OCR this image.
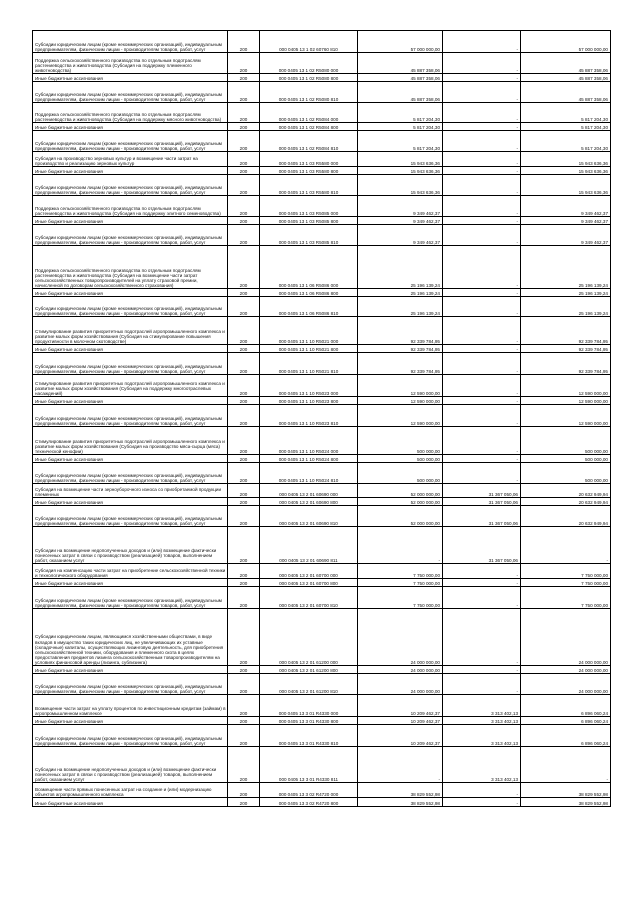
Субсидии юридическим лицам (кроме некоммерческих организаций), индивидуальным предпринимателям, физическим лицам - производителям товаров, работ, услуг	200	000 0405 13 1 02 60760 810	57 000 000,00	-	57 000 000,00
Поддержка сельскохозяйственного производства по отдельным подотраслям растениеводства и животноводства (Субсидия на поддержку племенного животноводства)	200	000 0405 13 1 02 R5080 000	45 887 358,06	-	45 887 358,06
Иные бюджетные ассигнования	200	000 0405 13 1 02 R5080 800	45 887 358,06	-	45 887 358,06
Субсидии юридическим лицам (кроме некоммерческих организаций), индивидуальным предпринимателям, физическим лицам - производителям товаров, работ, услуг	200	000 0405 13 1 02 R5080 810	45 887 358,06	-	45 887 358,06
Поддержка сельскохозяйственного производства по отдельным подотраслям растениеводства и животноводства (Субсидия на поддержку мясного животноводства)	200	000 0405 13 1 02 R5084 000	5 817 204,30	-	5 817 204,30
Иные бюджетные ассигнования	200	000 0405 13 1 02 R5084 800	5 817 204,30	-	5 817 204,30
Субсидии юридическим лицам (кроме некоммерческих организаций), индивидуальным предпринимателям, физическим лицам - производителям товаров, работ, услуг	200	000 0405 13 1 02 R5084 810	5 817 204,30	-	5 817 204,30
Субсидия на производство зерновых культур и возмещение части затрат на производство и реализацию зерновых культур	200	000 0405 13 1 03 R5580 000	15 943 636,36	-	15 943 636,36
Иные бюджетные ассигнования	200	000 0405 13 1 03 R5580 800	15 943 636,36	-	15 943 636,36
Субсидии юридическим лицам (кроме некоммерческих организаций), индивидуальным предпринимателям, физическим лицам - производителям товаров, работ, услуг	200	000 0405 13 1 03 R5580 810	15 943 636,36	-	15 943 636,36
Поддержка сельскохозяйственного производства по отдельным подотраслям растениеводства и животноводства (Субсидия на поддержку элитного семеноводства)	200	000 0405 13 1 03 R5085 000	9 349 462,37	-	9 349 462,37
Иные бюджетные ассигнования	200	000 0405 13 1 03 R5085 800	9 349 462,37	-	9 349 462,37
Субсидии юридическим лицам (кроме некоммерческих организаций), индивидуальным предпринимателям, физическим лицам - производителям товаров, работ, услуг	200	000 0405 13 1 03 R5085 810	9 349 462,37	-	9 349 462,37
Поддержка сельскохозяйственного производства по отдельным подотраслям растениеводства и животноводства (Субсидия на возмещение части затрат сельскохозяйственных товаропроизводителей на уплату страховой премии, начисленной по договорам сельскохозяйственного страхования)	200	000 0405 13 1 06 R5086 000	25 196 139,24	-	25 196 139,24
Иные бюджетные ассигнования	200	000 0405 13 1 06 R5086 800	25 196 139,24	-	25 196 139,24
Субсидии юридическим лицам (кроме некоммерческих организаций), индивидуальным предпринимателям, физическим лицам - производителям товаров, работ, услуг	200	000 0405 13 1 06 R5086 810	25 196 139,24	-	25 196 139,24
Стимулирование развития приоритетных подотраслей агропромышленного комплекса и развитие малых форм хозяйствования (Субсидия на стимулирование повышения продуктивности в молочном скотоводстве)	200	000 0405 13 1 10 R5021 000	92 339 784,95	-	92 339 784,95
Иные бюджетные ассигнования	200	000 0405 13 1 10 R5021 800	92 339 784,95	-	92 339 784,95
Субсидии юридическим лицам (кроме некоммерческих организаций), индивидуальным предпринимателям, физическим лицам - производителям товаров, работ, услуг	200	000 0405 13 1 10 R5021 810	92 339 784,95	-	92 339 784,95
Стимулирование развития приоритетных подотраслей агропромышленного комплекса и развитие малых форм хозяйствования (Субсидия на поддержку многоотраслевых насаждений)	200	000 0405 13 1 10 R5023 000	12 590 000,00	-	12 590 000,00
Иные бюджетные ассигнования	200	000 0405 13 1 10 R5023 800	12 590 000,00	-	12 590 000,00
Субсидии юридическим лицам (кроме некоммерческих организаций), индивидуальным предпринимателям, физическим лицам - производителям товаров, работ, услуг	200	000 0405 13 1 10 R5023 810	12 590 000,00	-	12 590 000,00
Стимулирование развития приоритетных подотраслей агропромышленного комплекса и развитие малых форм хозяйствования (Субсидия на производство мяса-сырца (мяса) технической кенофии)	200	000 0405 13 1 10 R5024 000	500 000,00	-	500 000,00
Иные бюджетные ассигнования	200	000 0405 13 1 10 R5024 800	500 000,00	-	500 000,00
Субсидии юридическим лицам (кроме некоммерческих организаций), индивидуальным предпринимателям, физическим лицам - производителям товаров, работ, услуг	200	000 0405 13 1 10 R5024 810	500 000,00	-	500 000,00
Субсидия на возмещение части зерноуборочного износа со приобретаемой продукции племенных	200	000 0405 13 2 01 60690 000	52 000 000,00	31 367 050,06	20 632 949,94
Иные бюджетные ассигнования	200	000 0405 13 2 01 60690 800	52 000 000,00	31 367 050,06	20 632 949,94
Субсидии юридическим лицам (кроме некоммерческих организаций), индивидуальным предпринимателям, физическим лицам - производителям товаров, работ, услуг	200	000 0405 13 2 01 60690 810	52 000 000,00	31 367 050,06	20 632 949,94
Субсидии на возмещение недополученных доходов и (или) возмещение фактически понесенных затрат в связи с производством (реализацией) товаров, выполнением работ, оказанием услуг	200	000 0405 13 2 01 60690 811	-	31 367 050,06	-
Субсидия на компенсацию части затрат на приобретение сельскохозяйственной техники и технологического оборудования	200	000 0405 13 2 01 60700 000	7 750 000,00	-	7 750 000,00
Иные бюджетные ассигнования	200	000 0405 13 2 01 60700 800	7 750 000,00	-	7 750 000,00
Субсидии юридическим лицам (кроме некоммерческих организаций), индивидуальным предпринимателям, физическим лицам - производителям товаров, работ, услуг	200	000 0405 13 2 01 60700 810	7 750 000,00	-	7 750 000,00
Субсидии юридическим лицам, являющимся хозяйственными обществами, в виде вкладов в имущество таких юридических лиц, не увеличивающих их уставные (складочные) капиталы, осуществляющих лизинговую деятельность, для приобретения сельскохозяйственной техники, оборудования и племенного скота в целях предоставления предметов лизинга сельскохозяйственным товаропроизводителям на условиях финансовой аренды (лизинга, сублизинга)	200	000 0405 13 2 01 61200 000	24 000 000,00	-	24 000 000,00
Иные бюджетные ассигнования	200	000 0405 13 2 01 61200 800	24 000 000,00	-	24 000 000,00
Субсидии юридическим лицам (кроме некоммерческих организаций), индивидуальным предпринимателям, физическим лицам - производителям товаров, работ, услуг	200	000 0405 13 2 01 61200 810	24 000 000,00	-	24 000 000,00
Возмещение части затрат на уплату процентов по инвестиционным кредитам (займам) в агропромышленном комплексе	200	000 0405 13 3 01 R4330 000	10 209 462,37	3 313 402,13	6 896 060,24
Иные бюджетные ассигнования	200	000 0405 13 3 01 R4330 800	10 209 462,37	3 313 402,13	6 896 060,24
Субсидии юридическим лицам (кроме некоммерческих организаций), индивидуальным предпринимателям, физическим лицам - производителям товаров, работ, услуг	200	000 0405 13 3 01 R4330 810	10 209 462,37	3 313 402,13	6 896 060,24
Субсидии на возмещение недополученных доходов и (или) возмещение фактически понесенных затрат в связи с производством (реализацией) товаров, выполнением работ, оказанием услуг	200	000 0405 13 3 01 R4330 811	-	3 313 402,13	-
Возмещение части прямых понесенных затрат на создание и (или) модернизацию объектов агропромышленного комплекса	200	000 0405 13 3 02 R4720 000	38 829 552,98	-	38 829 552,98
Иные бюджетные ассигнования	200	000 0405 13 3 02 R4720 800	38 829 552,98	-	38 829 552,98
